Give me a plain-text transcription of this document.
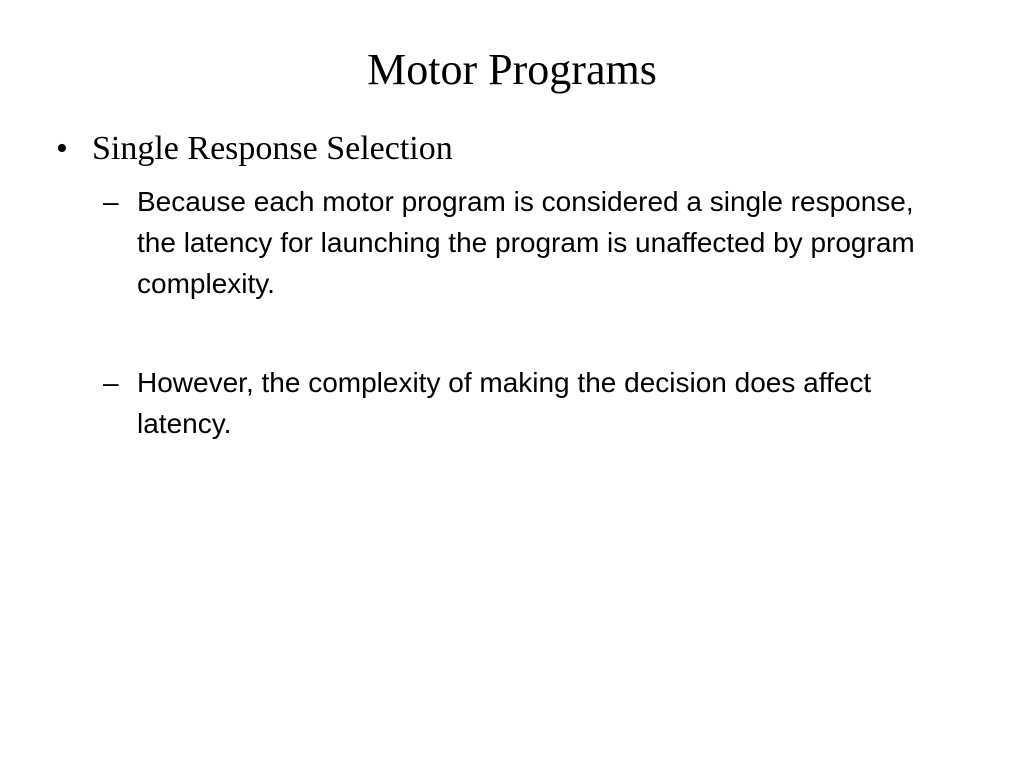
Motor Programs
• Single Response Selection
– Because each motor program is considered a single response, the latency for launching the program is unaffected by program complexity.
– However, the complexity of making the decision does affect latency.
